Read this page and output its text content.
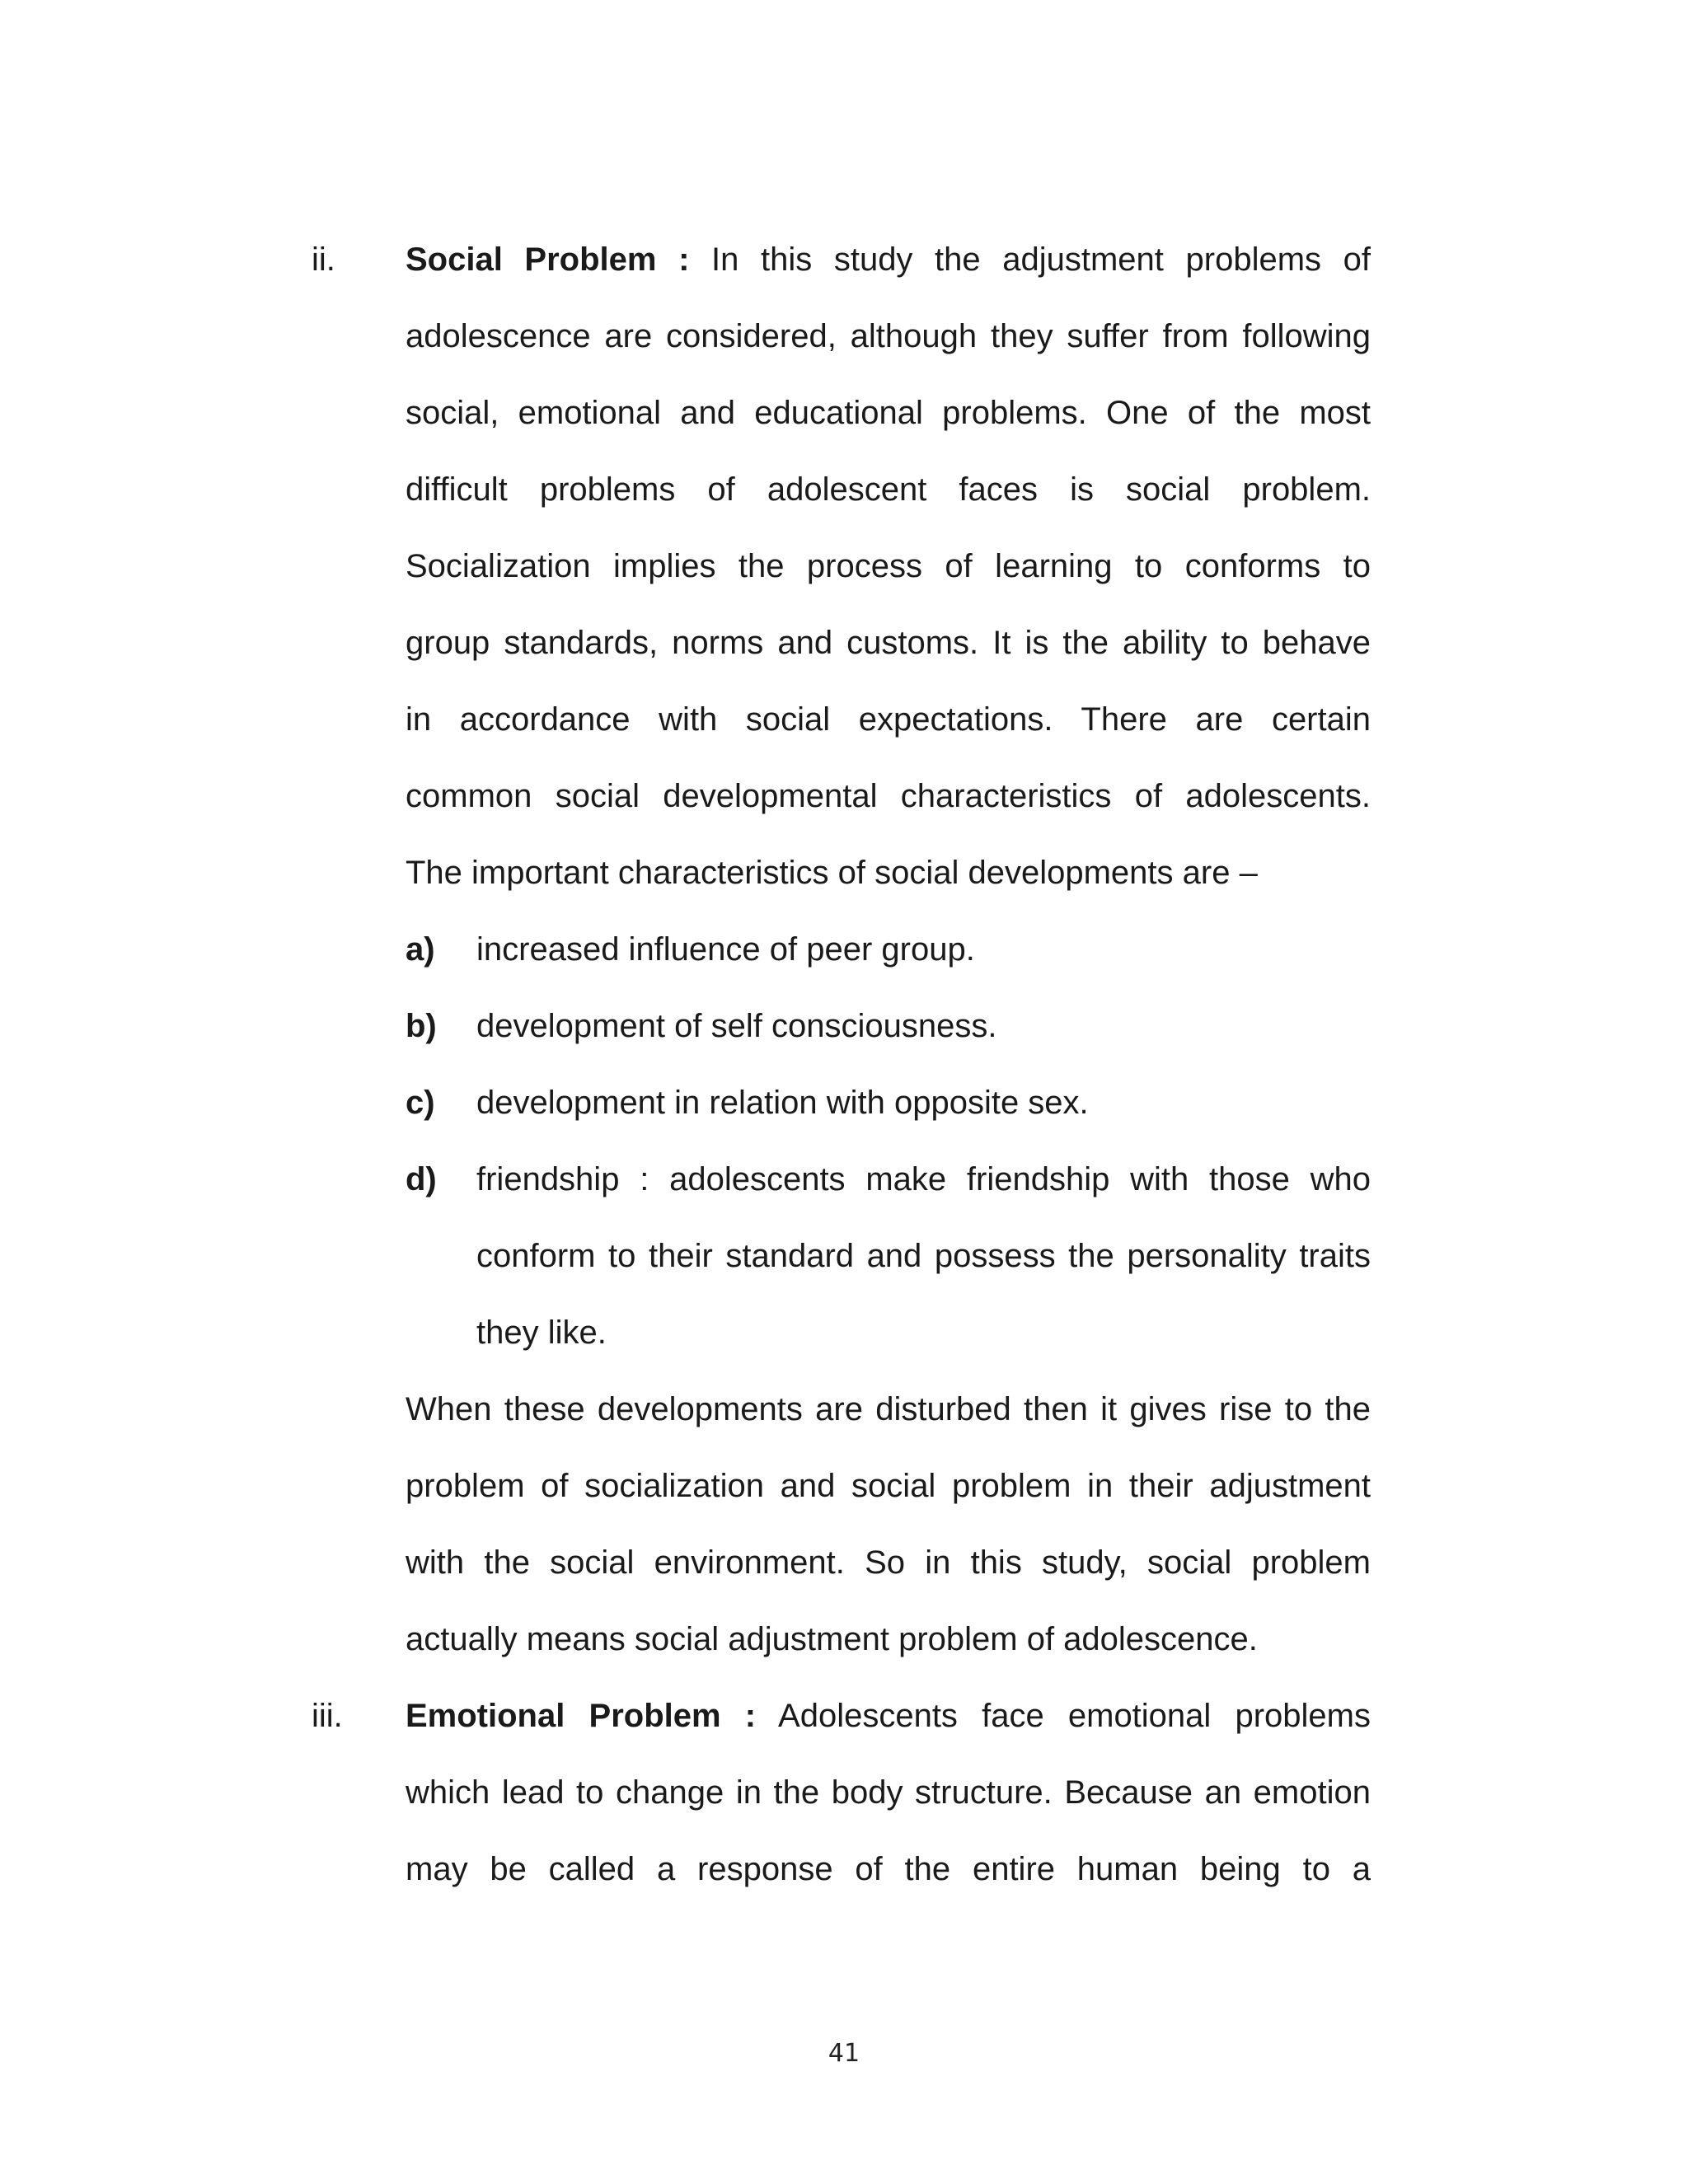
ii. Social Problem : In this study the adjustment problems of
adolescence are considered, although they suffer from following
social, emotional and educational problems. One of the most
difficult problems of adolescent faces is social problem.
Socialization implies the process of learning to conforms to
group standards, norms and customs. It is the ability to behave
in accordance with social expectations. There are certain
common social developmental characteristics of adolescents.
The important characteristics of social developments are –
a) increased influence of peer group.
b) development of self consciousness.
c) development in relation with opposite sex.
d) friendship : adolescents make friendship with those who
conform to their standard and possess the personality traits
they like.
When these developments are disturbed then it gives rise to the
problem of socialization and social problem in their adjustment
with the social environment. So in this study, social problem
actually means social adjustment problem of adolescence.
iii. Emotional Problem : Adolescents face emotional problems
which lead to change in the body structure. Because an emotion
may be called a response of the entire human being to a
41
